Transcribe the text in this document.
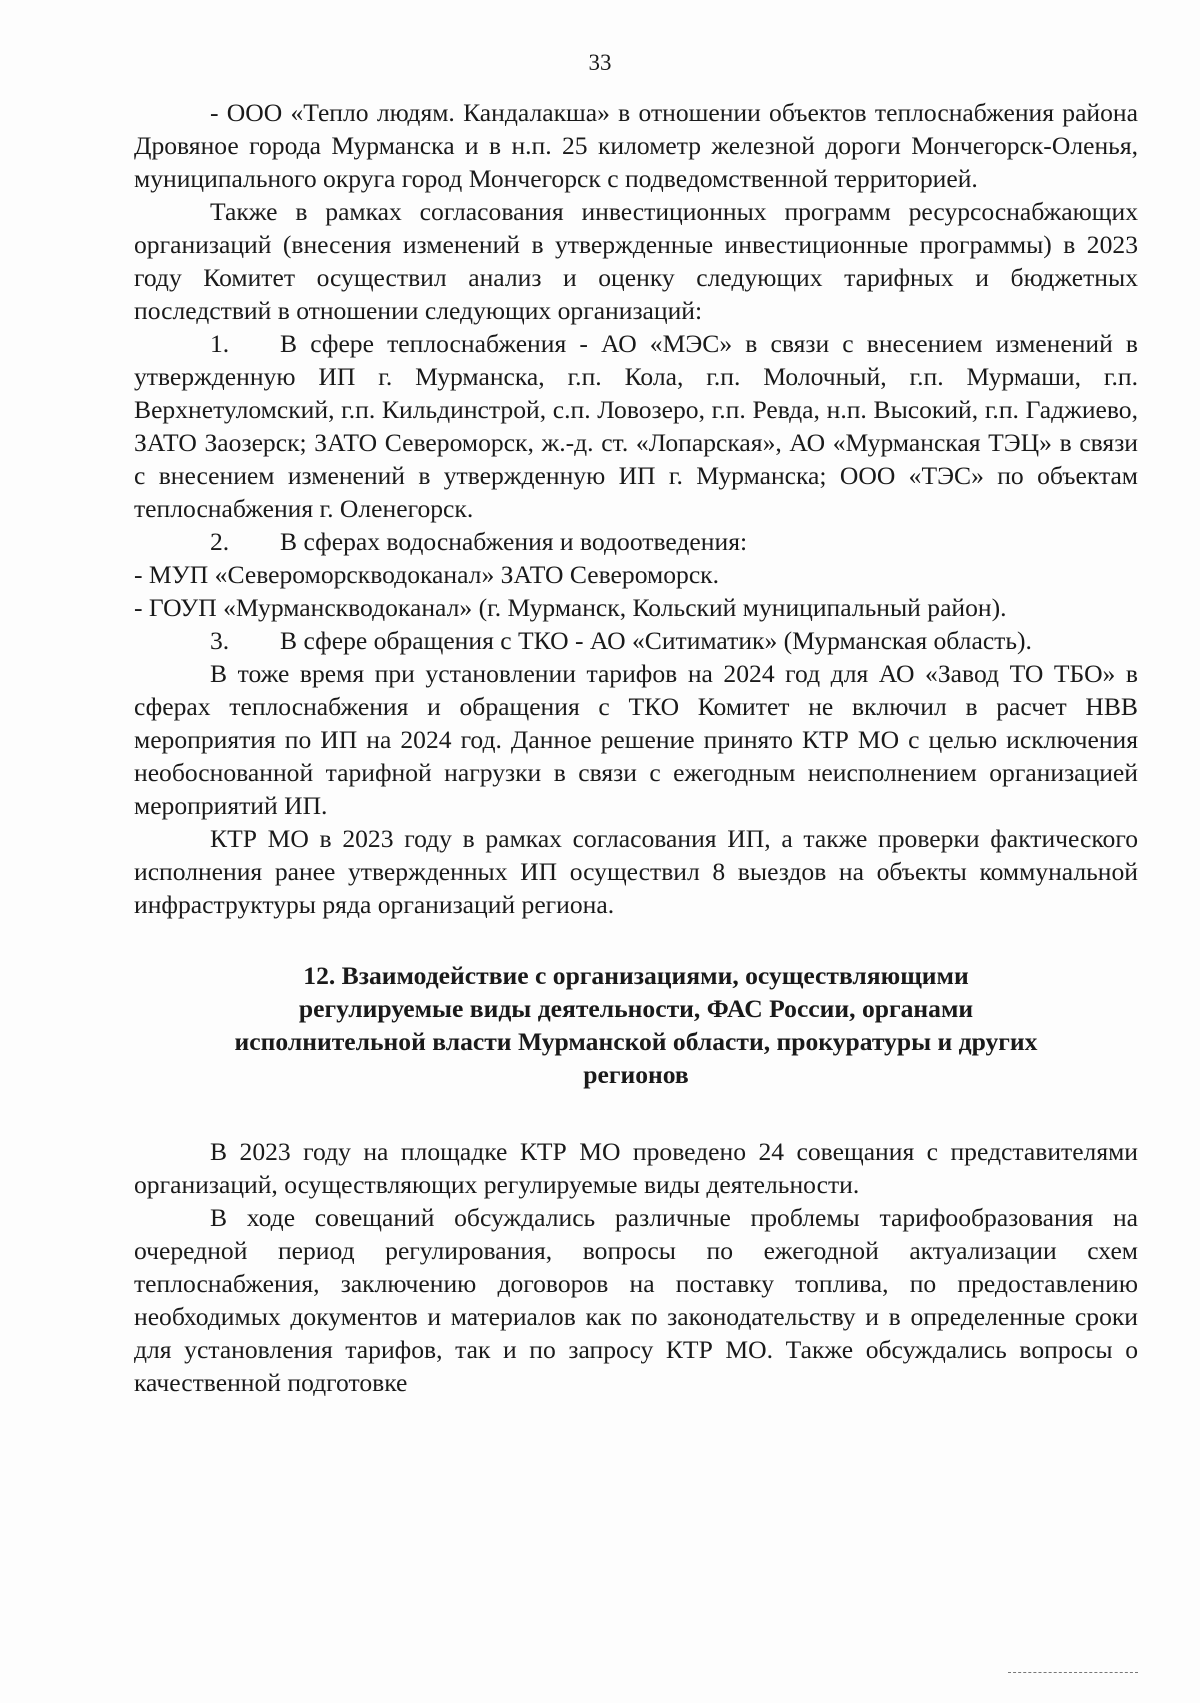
33

- ООО «Тепло людям. Кандалакша» в отношении объектов теплоснабжения района Дровяное города Мурманска и в н.п. 25 километр железной дороги Мончегорск-Оленья, муниципального округа город Мончегорск с подведомственной территорией.

Также в рамках согласования инвестиционных программ ресурсоснабжающих организаций (внесения изменений в утвержденные инвестиционные программы) в 2023 году Комитет осуществил анализ и оценку следующих тарифных и бюджетных последствий в отношении следующих организаций:

1. В сфере теплоснабжения - АО «МЭС» в связи с внесением изменений в утвержденную ИП г. Мурманска, г.п. Кола, г.п. Молочный, г.п. Мурмаши, г.п. Верхнетуломский, г.п. Кильдинстрой, с.п. Ловозеро, г.п. Ревда, н.п. Высокий, г.п. Гаджиево, ЗАТО Заозерск; ЗАТО Североморск, ж.-д. ст. «Лопарская», АО «Мурманская ТЭЦ» в связи с внесением изменений в утвержденную ИП г. Мурманска; ООО «ТЭС» по объектам теплоснабжения г. Оленегорск.

2. В сферах водоснабжения и водоотведения:

- МУП «Североморскводоканал» ЗАТО Североморск.

- ГОУП «Мурманскводоканал» (г. Мурманск, Кольский муниципальный район).

3. В сфере обращения с ТКО - АО «Ситиматик» (Мурманская область).

В тоже время при установлении тарифов на 2024 год для АО «Завод ТО ТБО» в сферах теплоснабжения и обращения с ТКО Комитет не включил в расчет НВВ мероприятия по ИП на 2024 год. Данное решение принято КТР МО с целью исключения необоснованной тарифной нагрузки в связи с ежегодным неисполнением организацией мероприятий ИП.

КТР МО в 2023 году в рамках согласования ИП, а также проверки фактического исполнения ранее утвержденных ИП осуществил 8 выездов на объекты коммунальной инфраструктуры ряда организаций региона.

12. Взаимодействие с организациями, осуществляющими
регулируемые виды деятельности, ФАС России, органами
исполнительной власти Мурманской области, прокуратуры и других
регионов

В 2023 году на площадке КТР МО проведено 24 совещания с представителями организаций, осуществляющих регулируемые виды деятельности.

В ходе совещаний обсуждались различные проблемы тарифообразования на очередной период регулирования, вопросы по ежегодной актуализации схем теплоснабжения, заключению договоров на поставку топлива, по предоставлению необходимых документов и материалов как по законодательству и в определенные сроки для установления тарифов, так и по запросу КТР МО. Также обсуждались вопросы о качественной подготовке
